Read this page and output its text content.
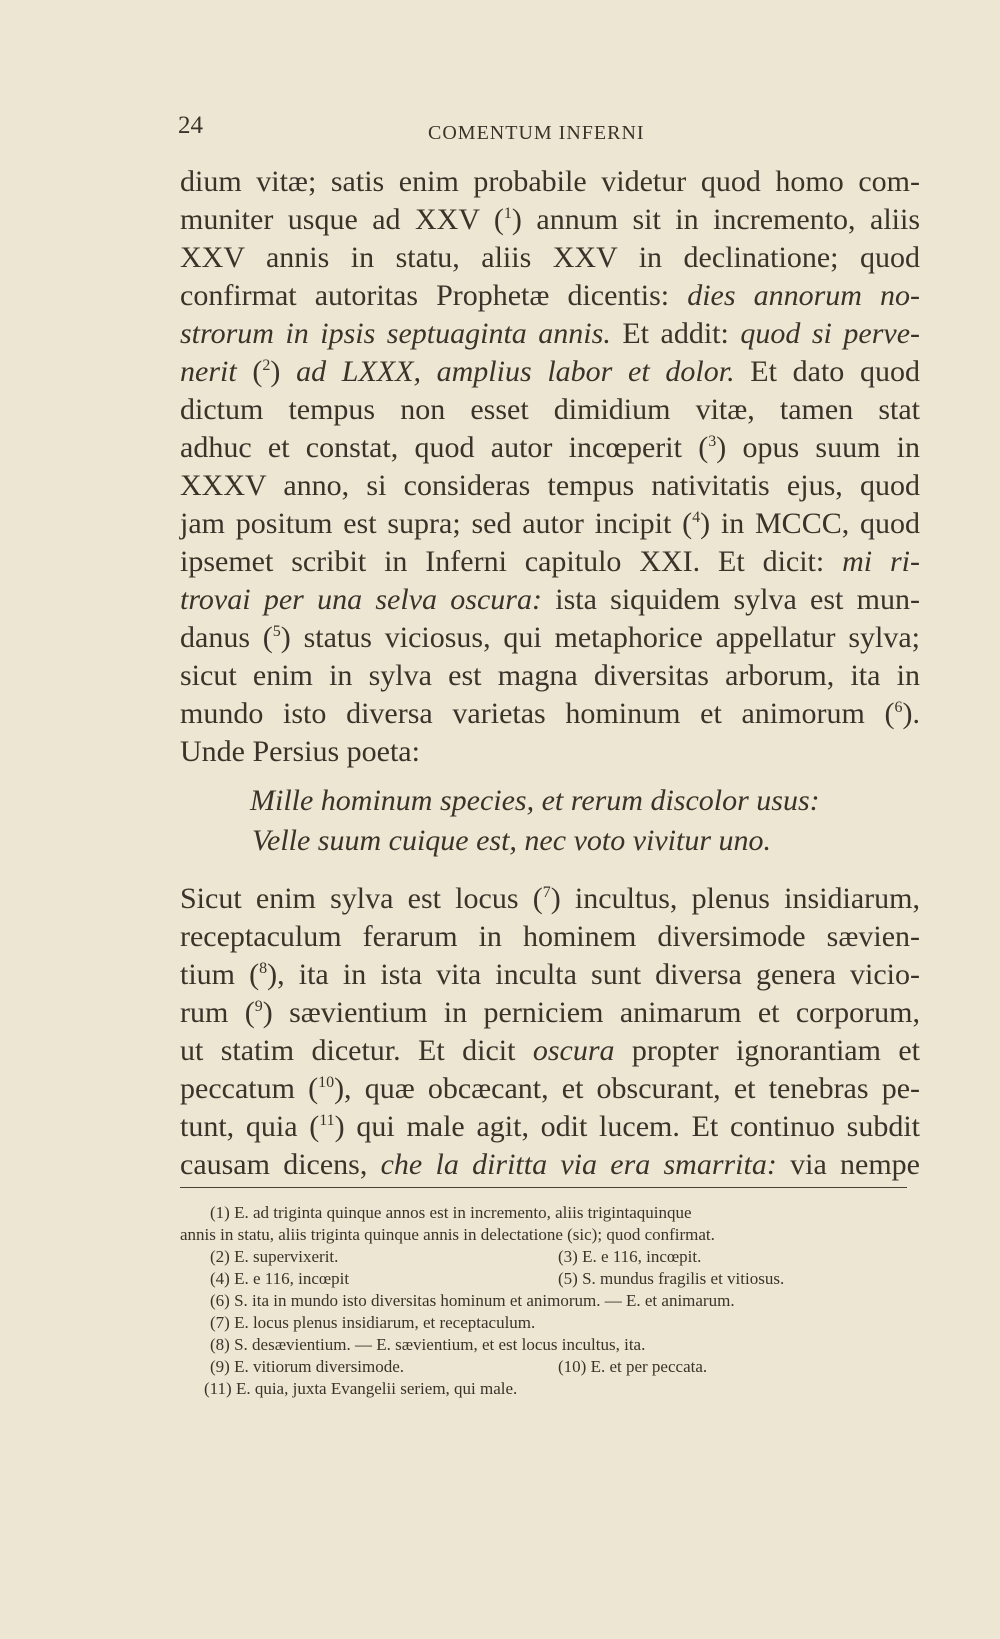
24	COMENTUM INFERNI
dium vitæ; satis enim probabile videtur quod homo com-
muniter usque ad XXV ($^1$) annum sit in incremento, aliis
XXV annis in statu, aliis XXV in declinatione; quod
confirmat autoritas Prophetæ dicentis: dies annorum no-
strorum in ipsis septuaginta annis. Et addit: quod si perve-
nerit ($^2$) ad LXXX, amplius labor et dolor. Et dato quod
dictum tempus non esset dimidium vitæ, tamen stat
adhuc et constat, quod autor incœperit ($^3$) opus suum in
XXXV anno, si consideras tempus nativitatis ejus, quod
jam positum est supra; sed autor incipit ($^4$) in MCCC, quod
ipsemet scribit in Inferni capitulo XXI. Et dicit: mi ri-
trovai per una selva oscura: ista siquidem sylva est mun-
danus ($^5$) status viciosus, qui metaphorice appellatur sylva;
sicut enim in sylva est magna diversitas arborum, ita in
mundo isto diversa varietas hominum et animorum ($^6$).
Unde Persius poeta:
Mille hominum species, et rerum discolor usus:
Velle suum cuique est, nec voto vivitur uno.
Sicut enim sylva est locus ($^7$) incultus, plenus insidiarum,
receptaculum ferarum in hominem diversimode sævien-
tium ($^8$), ita in ista vita inculta sunt diversa genera vicio-
rum ($^9$) sævientium in perniciem animarum et corporum,
ut statim dicetur. Et dicit oscura propter ignorantiam et
peccatum ($^{10}$), quæ obcæcant, et obscurant, et tenebras pe-
tunt, quia ($^{11}$) qui male agit, odit lucem. Et continuo subdit
causam dicens, che la diritta via era smarrita: via nempe
(1) E. ad triginta quinque annos est in incremento, aliis trigintaquinque
annis in statu, aliis triginta quinque annis in delectatione (sic); quod confirmat.
(2) E. supervixerit.	(3) E. e 116, incœpit.
(4) E. e 116, incœpit	(5) S. mundus fragilis et vitiosus.
(6) S. ita in mundo isto diversitas hominum et animorum. — E. et animarum.
(7) E. locus plenus insidiarum, et receptaculum.
(8) S. desævientium. — E. sævientium, et est locus incultus, ita.
(9) E. vitiorum diversimode.	(10) E. et per peccata.
(11) E. quia, juxta Evangelii seriem, qui male.
